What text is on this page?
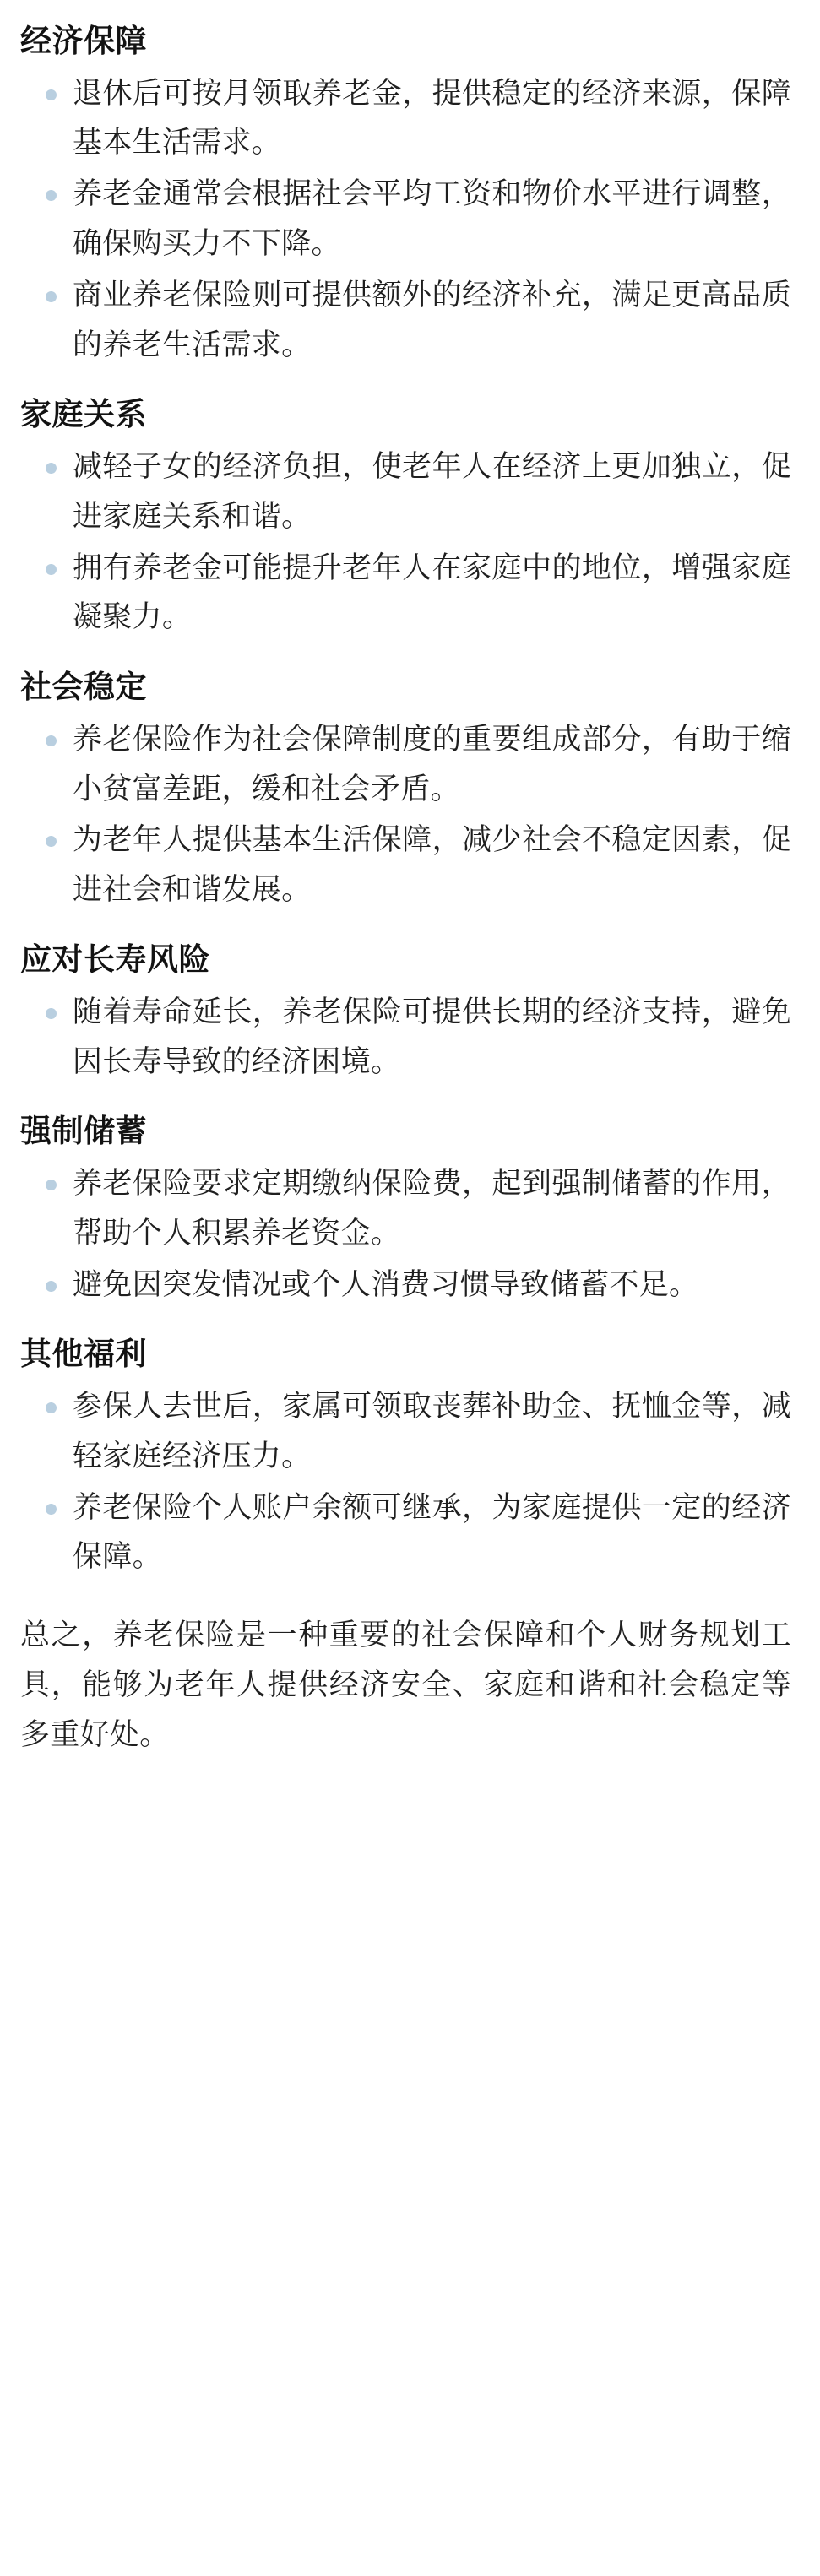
经济保障
退休后可按月领取养老金，提供稳定的经济来源，保障基本生活需求。
养老金通常会根据社会平均工资和物价水平进行调整，确保购买力不下降。
商业养老保险则可提供额外的经济补充，满足更高品质的养老生活需求。
家庭关系
减轻子女的经济负担，使老年人在经济上更加独立，促进家庭关系和谐。
拥有养老金可能提升老年人在家庭中的地位，增强家庭凝聚力。
社会稳定
养老保险作为社会保障制度的重要组成部分，有助于缩小贫富差距，缓和社会矛盾。
为老年人提供基本生活保障，减少社会不稳定因素，促进社会和谐发展。
应对长寿风险
随着寿命延长，养老保险可提供长期的经济支持，避免因长寿导致的经济困境。
强制储蓄
养老保险要求定期缴纳保险费，起到强制储蓄的作用，帮助个人积累养老资金。
避免因突发情况或个人消费习惯导致储蓄不足。
其他福利
参保人去世后，家属可领取丧葬补助金、抚恤金等，减轻家庭经济压力。
养老保险个人账户余额可继承，为家庭提供一定的经济保障。

总之，养老保险是一种重要的社会保障和个人财务规划工具，能够为老年人提供经济安全、家庭和谐和社会稳定等多重好处。
